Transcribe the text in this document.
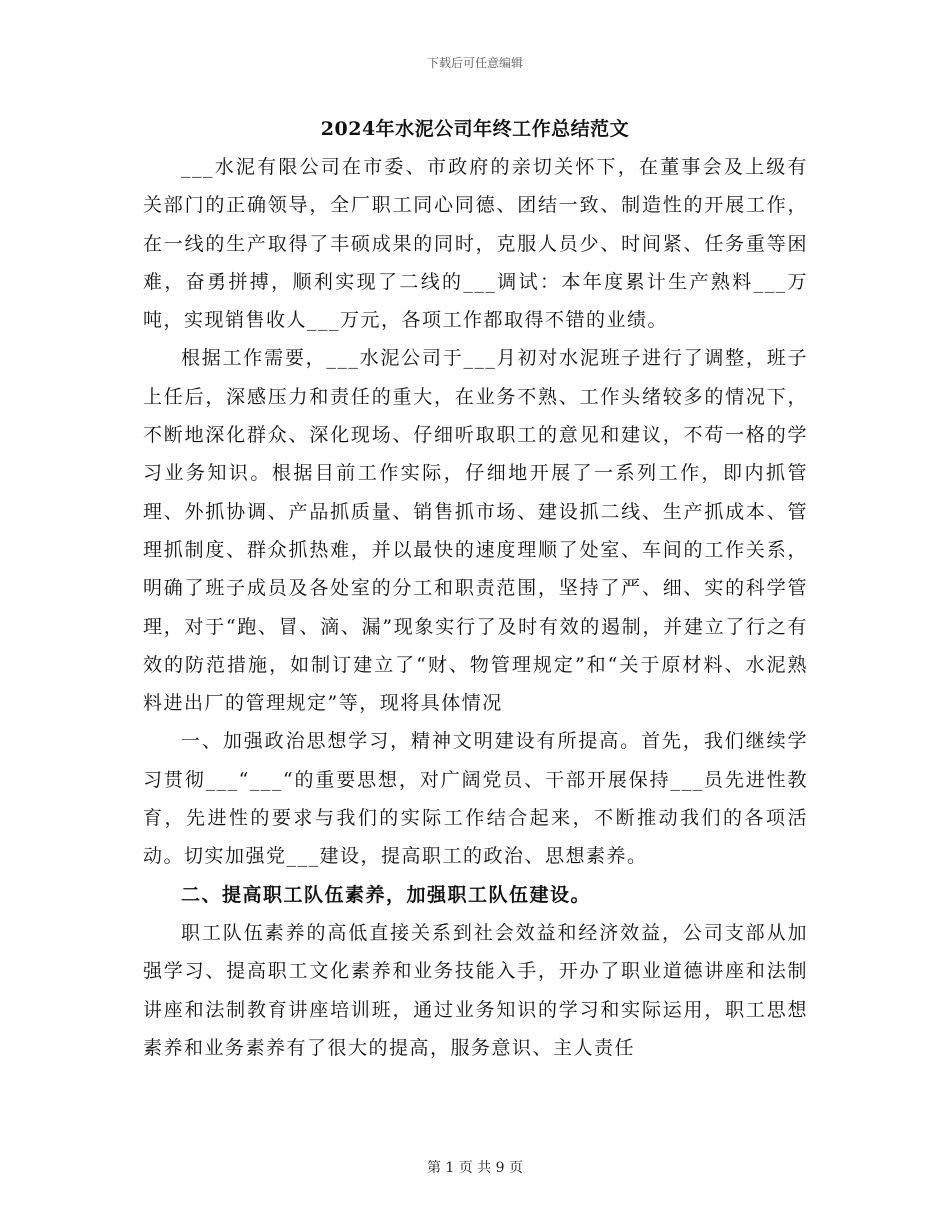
下载后可任意编辑
2024年水泥公司年终工作总结范文

___水泥有限公司在市委、市政府的亲切关怀下，在董事会及上级有关部门的正确领导，全厂职工同心同德、团结一致、制造性的开展工作，在一线的生产取得了丰硕成果的同时，克服人员少、时间紧、任务重等困难，奋勇拼搏，顺利实现了二线的___调试：本年度累计生产熟料___万吨，实现销售收人___万元，各项工作都取得不错的业绩。

根据工作需要，___水泥公司于___月初对水泥班子进行了调整，班子上任后，深感压力和责任的重大，在业务不熟、工作头绪较多的情况下，不断地深化群众、深化现场、仔细听取职工的意见和建议，不苟一格的学习业务知识。根据目前工作实际，仔细地开展了一系列工作，即内抓管理、外抓协调、产品抓质量、销售抓市场、建设抓二线、生产抓成本、管理抓制度、群众抓热难，并以最快的速度理顺了处室、车间的工作关系，明确了班子成员及各处室的分工和职责范围，坚持了严、细、实的科学管理，对于“跑、冒、滴、漏”现象实行了及时有效的遏制，并建立了行之有效的防范措施，如制订建立了“财、物管理规定”和“关于原材料、水泥熟料进出厂的管理规定”等，现将具体情况

一、加强政治思想学习，精神文明建设有所提高。首先，我们继续学习贯彻___“___“的重要思想，对广阔党员、干部开展保持___员先进性教育，先进性的要求与我们的实际工作结合起来，不断推动我们的各项活动。切实加强党___建设，提高职工的政治、思想素养。

二、提高职工队伍素养，加强职工队伍建设。

职工队伍素养的高低直接关系到社会效益和经济效益，公司支部从加强学习、提高职工文化素养和业务技能入手，开办了职业道德讲座和法制讲座和法制教育讲座培训班，通过业务知识的学习和实际运用，职工思想素养和业务素养有了很大的提高，服务意识、主人责任

第 1 页 共 9 页
